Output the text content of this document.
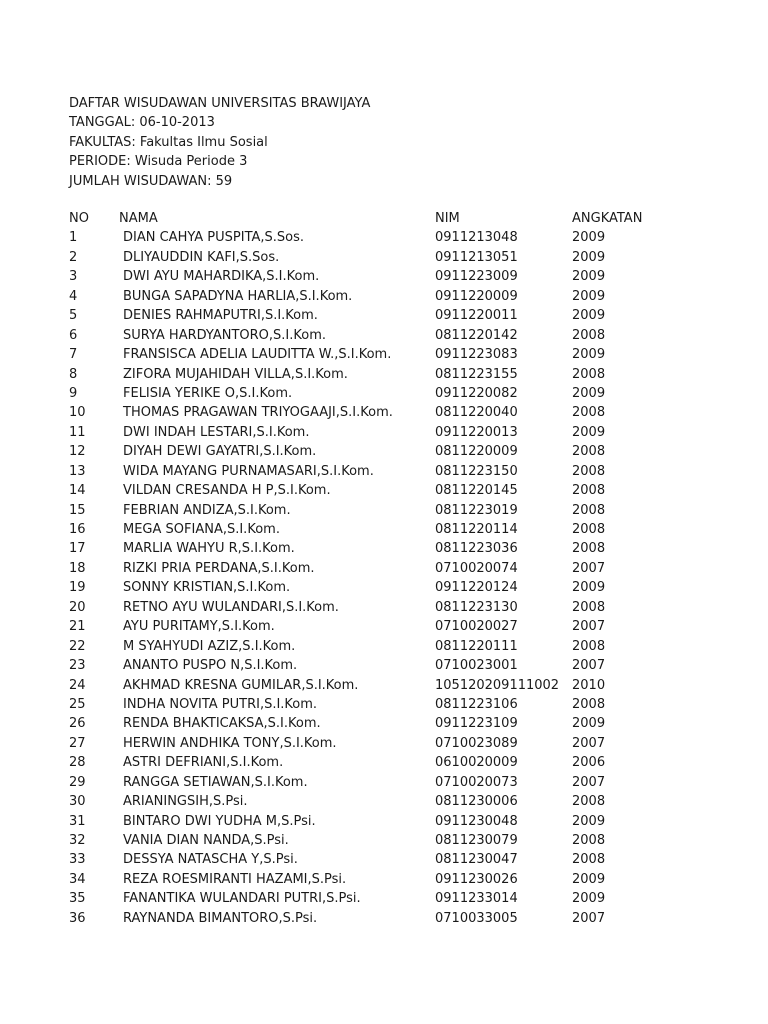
DAFTAR WISUDAWAN UNIVERSITAS BRAWIJAYA
TANGGAL: 06-10-2013
FAKULTAS: Fakultas Ilmu Sosial
PERIODE: Wisuda Periode 3
JUMLAH WISUDAWAN: 59
NO NAMA	NIM	ANGKATAN
1	DIAN CAHYA PUSPITA,S.Sos.	0911213048	2009
2	DLIYAUDDIN KAFI,S.Sos.	0911213051	2009
3	DWI AYU MAHARDIKA,S.I.Kom.	0911223009	2009
4	BUNGA SAPADYNA HARLIA,S.I.Kom.	0911220009	2009
5	DENIES RAHMAPUTRI,S.I.Kom.	0911220011	2009
6	SURYA HARDYANTORO,S.I.Kom.	0811220142	2008
7	FRANSISCA ADELIA LAUDITTA W.,S.I.Kom.	0911223083	2009
8	ZIFORA MUJAHIDAH VILLA,S.I.Kom.	0811223155	2008
9	FELISIA YERIKE O,S.I.Kom.	0911220082	2009
10	THOMAS PRAGAWAN TRIYOGAAJI,S.I.Kom.	0811220040	2008
11	DWI INDAH LESTARI,S.I.Kom.	0911220013	2009
12	DIYAH DEWI GAYATRI,S.I.Kom.	0811220009	2008
13	WIDA MAYANG PURNAMASARI,S.I.Kom.	0811223150	2008
14	VILDAN CRESANDA H P,S.I.Kom.	0811220145	2008
15	FEBRIAN ANDIZA,S.I.Kom.	0811223019	2008
16	MEGA SOFIANA,S.I.Kom.	0811220114	2008
17	MARLIA WAHYU R,S.I.Kom.	0811223036	2008
18	RIZKI PRIA PERDANA,S.I.Kom.	0710020074	2007
19	SONNY KRISTIAN,S.I.Kom.	0911220124	2009
20	RETNO AYU WULANDARI,S.I.Kom.	0811223130	2008
21	AYU PURITAMY,S.I.Kom.	0710020027	2007
22	M SYAHYUDI AZIZ,S.I.Kom.	0811220111	2008
23	ANANTO PUSPO N,S.I.Kom.	0710023001	2007
24	AKHMAD KRESNA GUMILAR,S.I.Kom.	105120209111002 2010
25	INDHA NOVITA PUTRI,S.I.Kom.	0811223106	2008
26	RENDA BHAKTICAKSA,S.I.Kom.	0911223109	2009
27	HERWIN ANDHIKA TONY,S.I.Kom.	0710023089	2007
28	ASTRI DEFRIANI,S.I.Kom.	0610020009	2006
29	RANGGA SETIAWAN,S.I.Kom.	0710020073	2007
30	ARIANINGSIH,S.Psi.	0811230006	2008
31	BINTARO DWI YUDHA M,S.Psi.	0911230048	2009
32	VANIA DIAN NANDA,S.Psi.	0811230079	2008
33	DESSYA NATASCHA Y,S.Psi.	0811230047	2008
34	REZA ROESMIRANTI HAZAMI,S.Psi.	0911230026	2009
35	FANANTIKA WULANDARI PUTRI,S.Psi.	0911233014	2009
36	RAYNANDA BIMANTORO,S.Psi.	0710033005	2007
